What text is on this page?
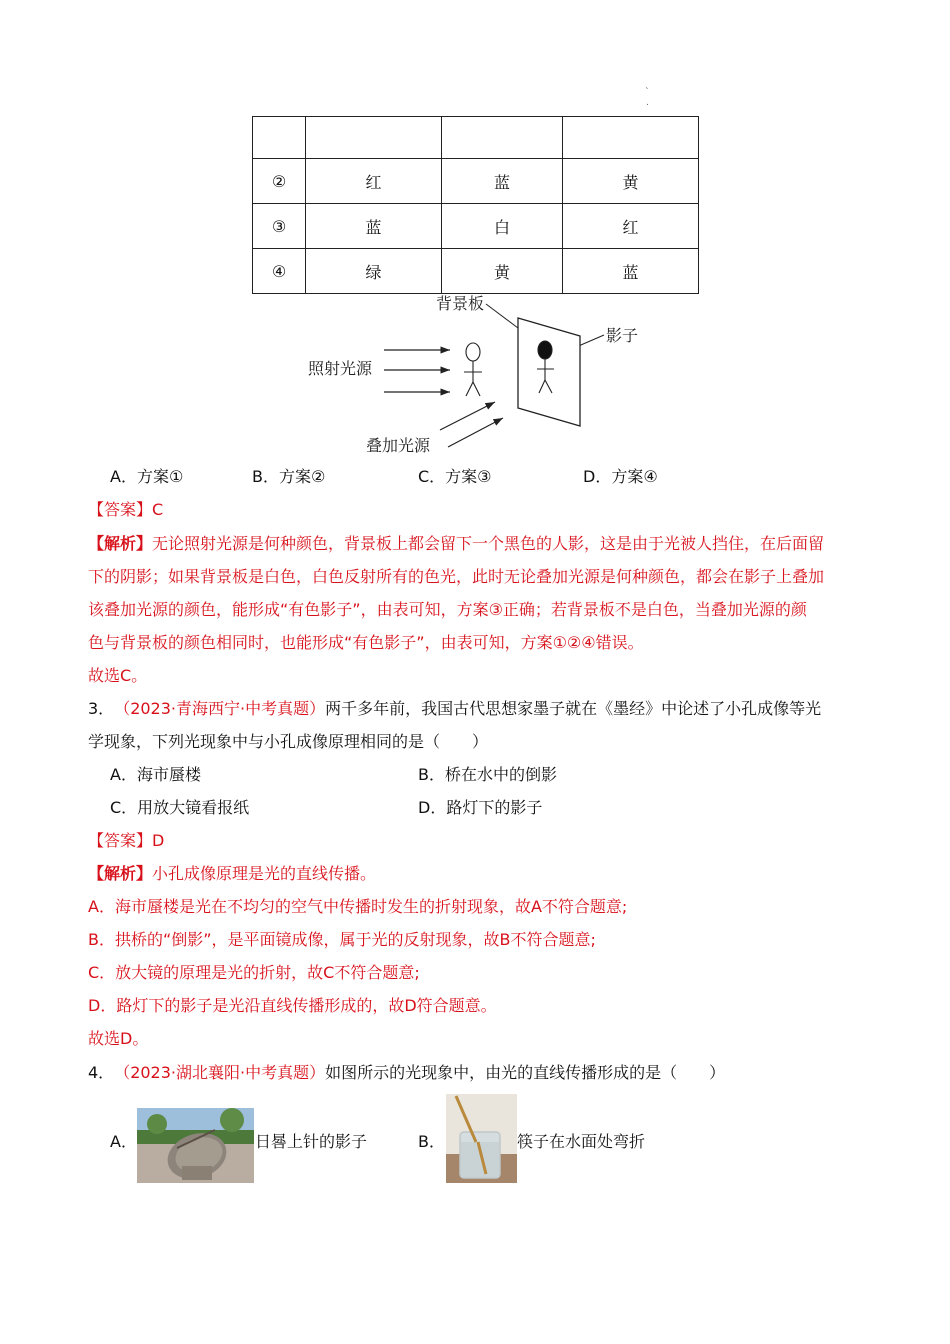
ˎ
.

②	红	蓝	黄
③	蓝	白	红
④	绿	黄	蓝
背景板
影子
照射光源
叠加光源
A．方案①	B．方案②	C．方案③	D．方案④
【答案】C
【解析】无论照射光源是何种颜色，背景板上都会留下一个黑色的人影，这是由于光被人挡住，在后面留
下的阴影；如果背景板是白色，白色反射所有的色光，此时无论叠加光源是何种颜色，都会在影子上叠加
该叠加光源的颜色，能形成“有色影子”，由表可知，方案③正确；若背景板不是白色，当叠加光源的颜
色与背景板的颜色相同时，也能形成“有色影子”，由表可知，方案①②④错误。
故选C。
3． （2023·青海西宁·中考真题）两千多年前，我国古代思想家墨子就在《墨经》中论述了小孔成像等光
学现象，下列光现象中与小孔成像原理相同的是（　　）
A．海市蜃楼	B．桥在水中的倒影
C．用放大镜看报纸	D．路灯下的影子
【答案】D
【解析】小孔成像原理是光的直线传播。
A．海市蜃楼是光在不均匀的空气中传播时发生的折射现象，故A不符合题意;
B．拱桥的“倒影”，是平面镜成像，属于光的反射现象，故B不符合题意;
C．放大镜的原理是光的折射，故C不符合题意;
D．路灯下的影子是光沿直线传播形成的，故D符合题意。
故选D。
4． （2023·湖北襄阳·中考真题）如图所示的光现象中，由光的直线传播形成的是（　　）
A．	日晷上针的影子	B．	筷子在水面处弯折
